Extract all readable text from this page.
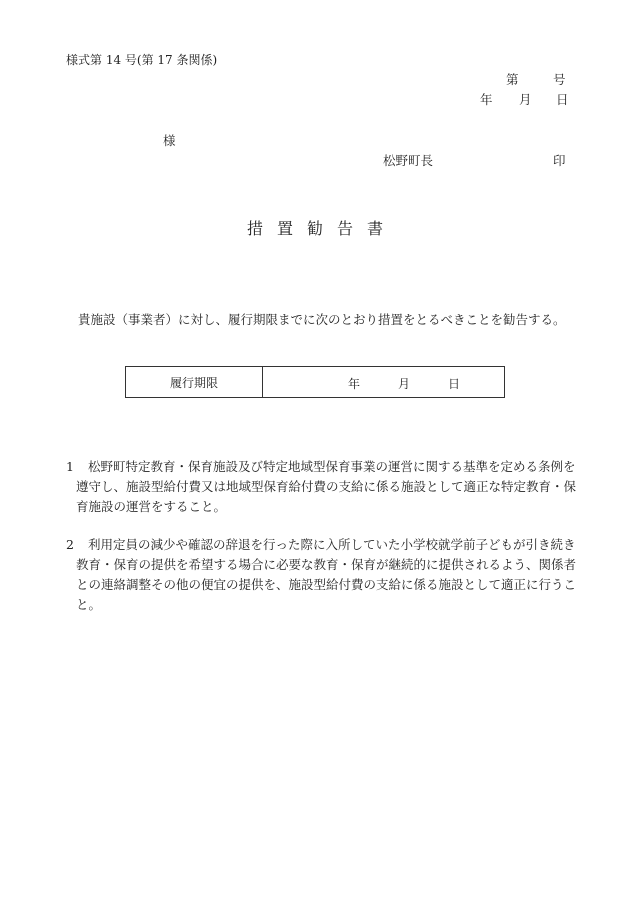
様式第 14 号(第 17 条関係)
第	号
年 月 日
様
松野町長	印
措置勧告書
貴施設（事業者）に対し、履行期限までに次のとおり措置をとるべきことを勧告する。
履行期限	年	月	日
1	松野町特定教育・保育施設及び特定地域型保育事業の運営に関する基準を定める条例を
遵守し、施設型給付費又は地域型保育給付費の支給に係る施設として適正な特定教育・保
育施設の運営をすること。
2	利用定員の減少や確認の辞退を行った際に入所していた小学校就学前子どもが引き続き
教育・保育の提供を希望する場合に必要な教育・保育が継続的に提供されるよう、関係者
との連絡調整その他の便宜の提供を、施設型給付費の支給に係る施設として適正に行うこ
と。
